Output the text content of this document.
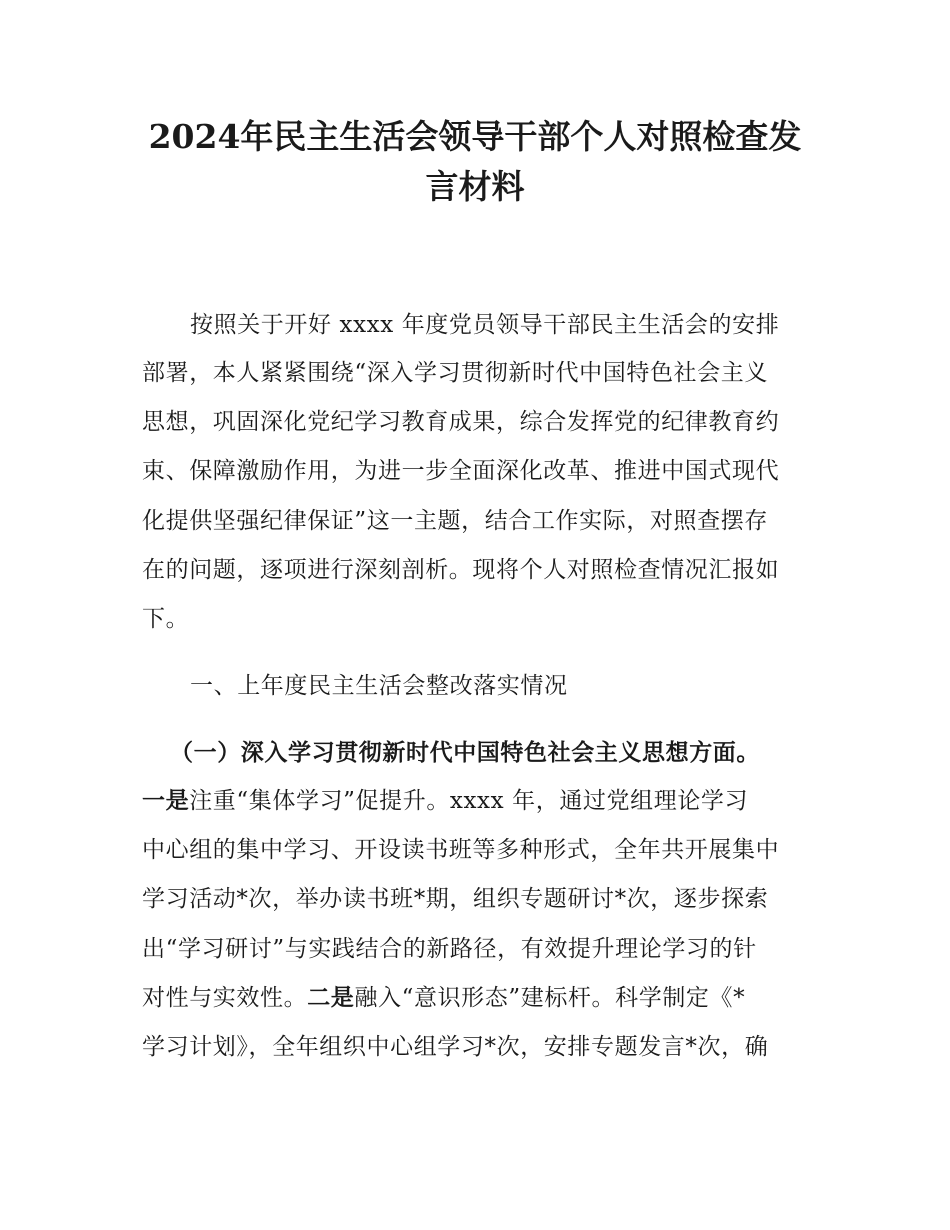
2024年民主生活会领导干部个人对照检查发
言材料
按照关于开好 xxxx 年度党员领导干部民主生活会的安排
部署，本人紧紧围绕“深入学习贯彻新时代中国特色社会主义
思想，巩固深化党纪学习教育成果，综合发挥党的纪律教育约
束、保障激励作用，为进一步全面深化改革、推进中国式现代
化提供坚强纪律保证”这一主题，结合工作实际，对照查摆存
在的问题，逐项进行深刻剖析。现将个人对照检查情况汇报如
下。
一、上年度民主生活会整改落实情况
（一）深入学习贯彻新时代中国特色社会主义思想方面。
一是注重“集体学习”促提升。xxxx 年，通过党组理论学习
中心组的集中学习、开设读书班等多种形式，全年共开展集中
学习活动*次，举办读书班*期，组织专题研讨*次，逐步探索
出“学习研讨”与实践结合的新路径，有效提升理论学习的针
对性与实效性。二是融入“意识形态”建标杆。科学制定《*
学习计划》，全年组织中心组学习*次，安排专题发言*次，确
